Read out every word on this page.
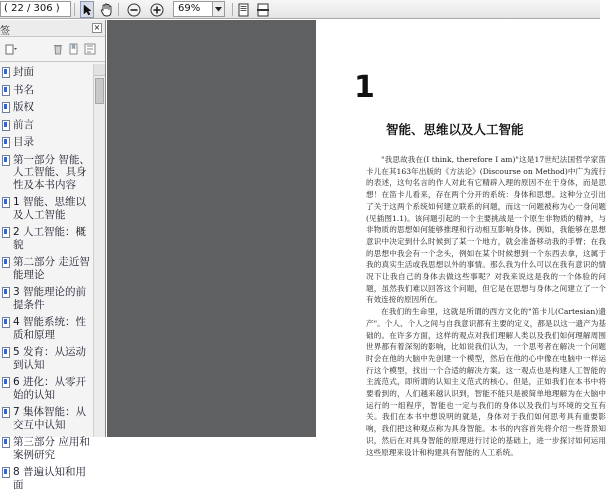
( 22 / 306 )	69%
签	×
封面
书名
版权
前言
目录
第一部分 智能、人工智能、具身性及本书内容
1 智能、思维以及人工智能
2 人工智能：概貌
第二部分 走近智能理论
3 智能理论的前提条件
4 智能系统：性质和原理
5 发育：从运动到认知
6 进化：从零开始的认知
7 集体智能：从交互中认知
第三部分 应用和案例研究
8 普遍认知和用面
1
智能、思维以及人工智能

"我思故我在(I think, therefore I am)"这是17世纪法国哲学家笛卡儿在其163年出版的《方法论》(Discourse on Method)中广为流行的表述，这句名言的作人对此有它精辟入理的原因不在于身体，而是思想！在笛卡儿看来，存在两个分开的系统：身体和思想。这种分立引出了关于这两个系统如何建立联系的问题，而这一问题被称为心一身问题(见插图1.1)。该问题引起的一个主要挑战是一个原生非物质的精神，与非物质的思想如何能够推理和行动相互影响身体。例如，我能够在思想意识中决定到什么时候到了某一个地方，就会准备移动我的手臂；在我的思想中我会有一个念头，例如在某个时候想到一个东西去拿，这属于我的真实生活或我思想以外的事情。那么我为什么可以在我有意识的情况下让我自己的身体去做这些事呢？对我来说这是我的一个体验的问题，虽然我们难以回答这个问题，但它是在思想与身体之间建立了一个有效连接的原因所在。

在我们的生命里，这就是所谓的西方文化的"笛卡儿(Cartesian)遗产"。个人、个人之间与自我意识都有主要的定义，都是以这一遗产为基础的。在许多方面，这样的观点对我们理解人类以及我们如何理解周围世界都有着深刻的影响，比如说我们认为，一个思考者在解决一个问题时会在他的大脑中先创建一个模型，然后在他的心中像在电脑中一样运行这个模型，找出一个合适的解决方案。这一观点也是构建人工智能的主流范式，即所谓的认知主义范式的核心。但是，正如我们在本书中将要看到的，人们越来越认识到，智能不能只是被简单地理解为在大脑中运行的一组程序，智能也一定与我们的身体以及我们与环境的交互有关。我们在本书中想说明的就是，身体对于我们如何思考具有重要影响，我们把这种观点称为具身智能。本书的内容首先将介绍一些背景知识，然后在对具身智能的原理进行讨论的基础上，进一步探讨如何运用这些原理来设计和构建具有智能的人工系统。
